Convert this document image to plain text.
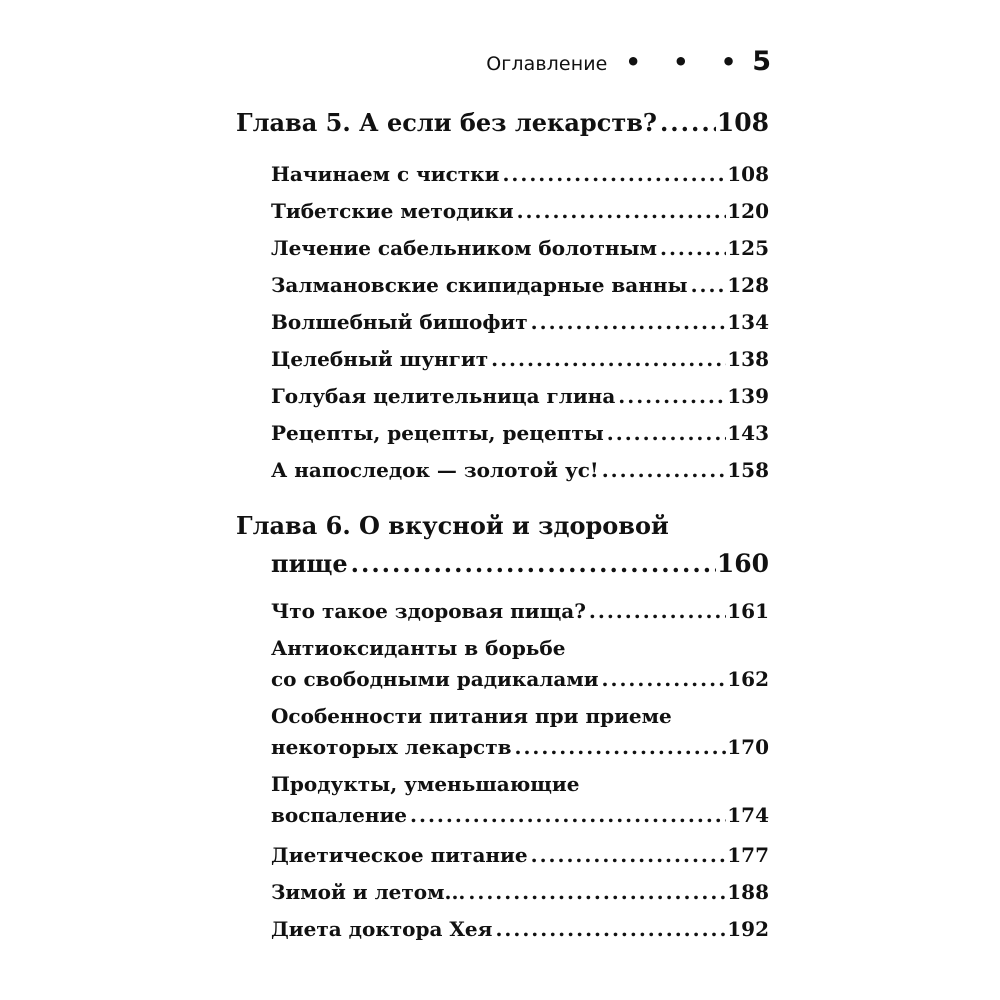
Оглавление • • • 5
Глава 5. А если без лекарств? ..... 108
Начинаем с чистки .....	108
Тибетские методики .....	120
Лечение сабельником болотным .....	125
Залмановские скипидарные ванны ..... 128
Волшебный бишофит .....	134
Целебный шунгит .....	138
Голубая целительница глина .....	139
Рецепты, рецепты, рецепты .....	143
А напоследок — золотой ус! .....	158
Глава 6. О вкусной и здоровой
пище .....	160
Что такое здоровая пища? .....	161
Антиоксиданты в борьбе
со свободными радикалами .....	162
Особенности питания при приеме
некоторых лекарств .....	170
Продукты, уменьшающие
воспаление .....	174
Диетическое питание .....	177
Зимой и летом... .....	188
Диета доктора Хея .....	192
